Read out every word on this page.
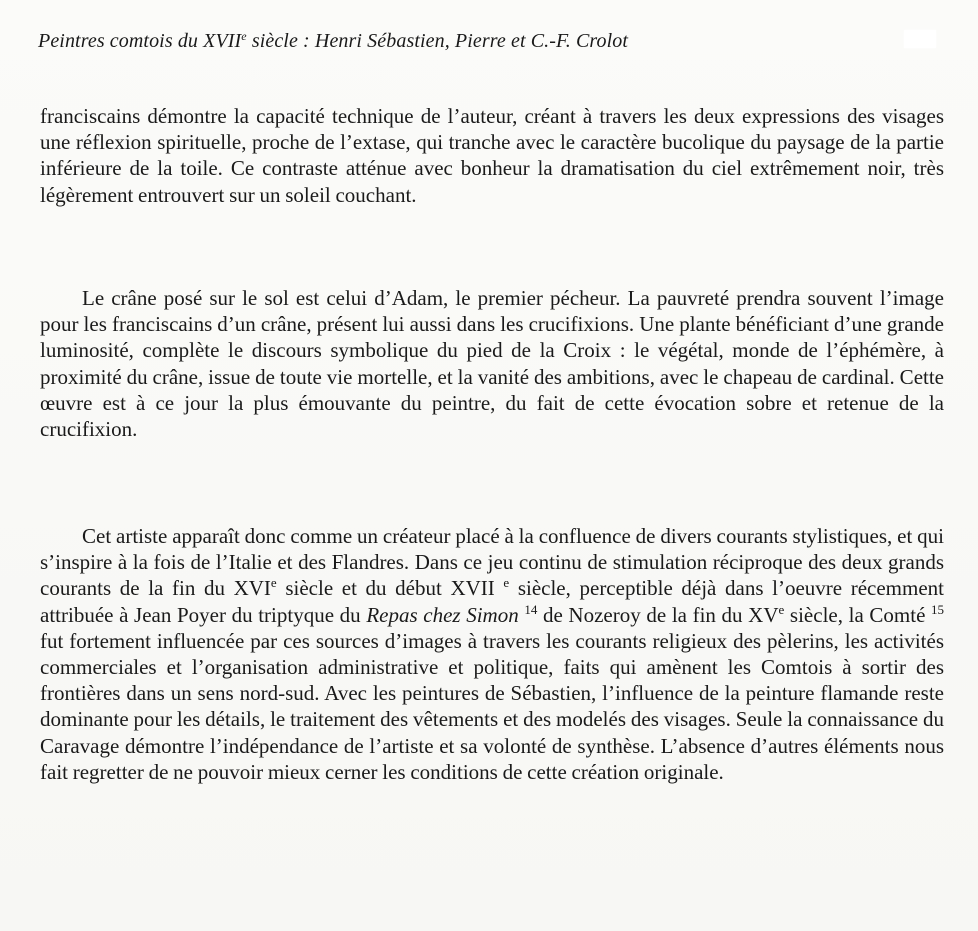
Peintres comtois du XVIIe siècle : Henri Sébastien, Pierre et C.-F. Crolot

franciscains démontre la capacité technique de l’auteur, créant à travers les deux expressions des visages une réflexion spirituelle, proche de l’extase, qui tranche avec le caractère bucolique du paysage de la partie inférieure de la toile. Ce contraste atténue avec bonheur la dramatisation du ciel extrêmement noir, très légèrement entrouvert sur un soleil couchant.

Le crâne posé sur le sol est celui d’Adam, le premier pécheur. La pauvreté prendra souvent l’image pour les franciscains d’un crâne, présent lui aussi dans les crucifixions. Une plante bénéficiant d’une grande luminosité, complète le discours symbolique du pied de la Croix : le végétal, monde de l’éphémère, à proximité du crâne, issue de toute vie mortelle, et la vanité des ambitions, avec le chapeau de cardinal. Cette œuvre est à ce jour la plus émouvante du peintre, du fait de cette évocation sobre et retenue de la crucifixion.

Cet artiste apparaît donc comme un créateur placé à la confluence de divers courants stylistiques, et qui s’inspire à la fois de l’Italie et des Flandres. Dans ce jeu continu de stimulation réciproque des deux grands courants de la fin du XVIe siècle et du début XVII $^e$ siècle, perceptible déjà dans l’oeuvre récemment attribuée à Jean Poyer du triptyque du Repas chez Simon $^{14}$ de Nozeroy de la fin du XVe siècle, la Comté $^{15}$ fut fortement influencée par ces sources d’images à travers les courants religieux des pèlerins, les activités commerciales et l’organisation administrative et politique, faits qui amènent les Comtois à sortir des frontières dans un sens nord-sud. Avec les peintures de Sébastien, l’influence de la peinture flamande reste dominante pour les détails, le traitement des vêtements et des modelés des visages. Seule la connaissance du Caravage démontre l’indépendance de l’artiste et sa volonté de synthèse. L’absence d’autres éléments nous fait regretter de ne pouvoir mieux cerner les conditions de cette création originale.
